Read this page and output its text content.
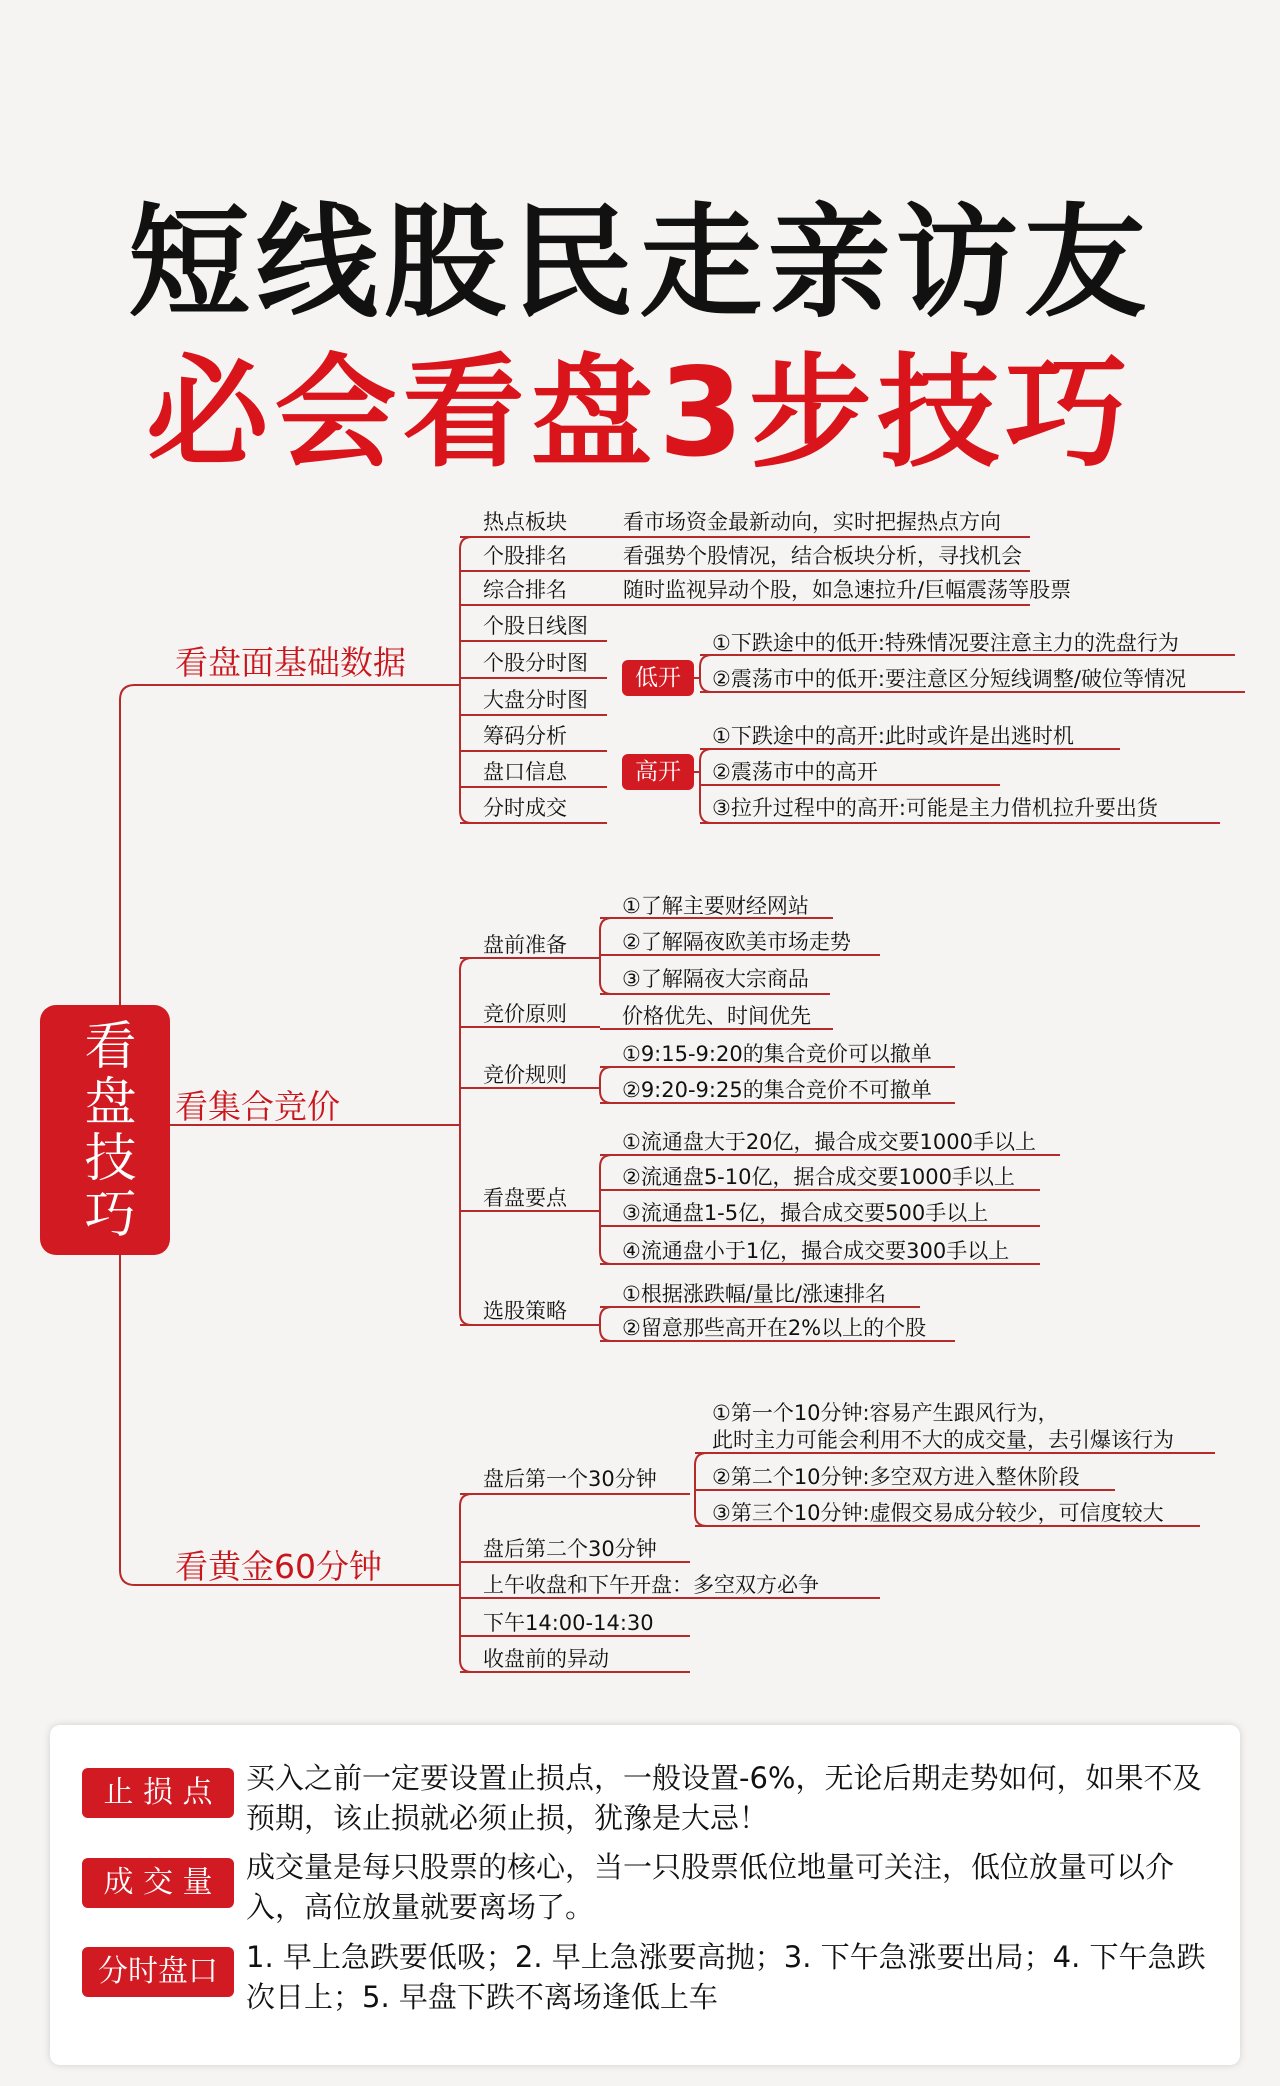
短线股民走亲访友
必会看盘3步技巧
看盘技巧
看盘面基础数据
热点板块	看市场资金最新动向，实时把握热点方向
个股排名	看强势个股情况，结合板块分析，寻找机会
综合排名	随时监视异动个股，如急速拉升/巨幅震荡等股票
个股日线图
个股分时图
大盘分时图
筹码分析
盘口信息
分时成交
低开
①下跌途中的低开:特殊情况要注意主力的洗盘行为
②震荡市中的低开:要注意区分短线调整/破位等情况
高开
①下跌途中的高开:此时或许是出逃时机
②震荡市中的高开
③拉升过程中的高开:可能是主力借机拉升要出货
看集合竞价
盘前准备
①了解主要财经网站
②了解隔夜欧美市场走势
③了解隔夜大宗商品
竞价原则	价格优先、时间优先
竞价规则
①9:15-9:20的集合竞价可以撤单
②9:20-9:25的集合竞价不可撤单
看盘要点
①流通盘大于20亿，撮合成交要1000手以上
②流通盘5-10亿，据合成交要1000手以上
③流通盘1-5亿，撮合成交要500手以上
④流通盘小于1亿，撮合成交要300手以上
选股策略
①根据涨跌幅/量比/涨速排名
②留意那些高开在2%以上的个股
看黄金60分钟
盘后第一个30分钟
①第一个10分钟:容易产生跟风行为，
此时主力可能会利用不大的成交量，去引爆该行为
②第二个10分钟:多空双方进入整休阶段
③第三个10分钟:虚假交易成分较少，可信度较大
盘后第二个30分钟
上午收盘和下午开盘：多空双方必争
下午14:00-14:30
收盘前的异动
止 损 点	买入之前一定要设置止损点，一般设置-6%，无论后期走势如何，如果不及预期，该止损就必须止损，犹豫是大忌！
成 交 量	成交量是每只股票的核心，当一只股票低位地量可关注，低位放量可以介入，高位放量就要离场了。
分时盘口 1. 早上急跌要低吸；2. 早上急涨要高抛；3. 下午急涨要出局；4. 下午急跌次日上；5. 早盘下跌不离场逢低上车
